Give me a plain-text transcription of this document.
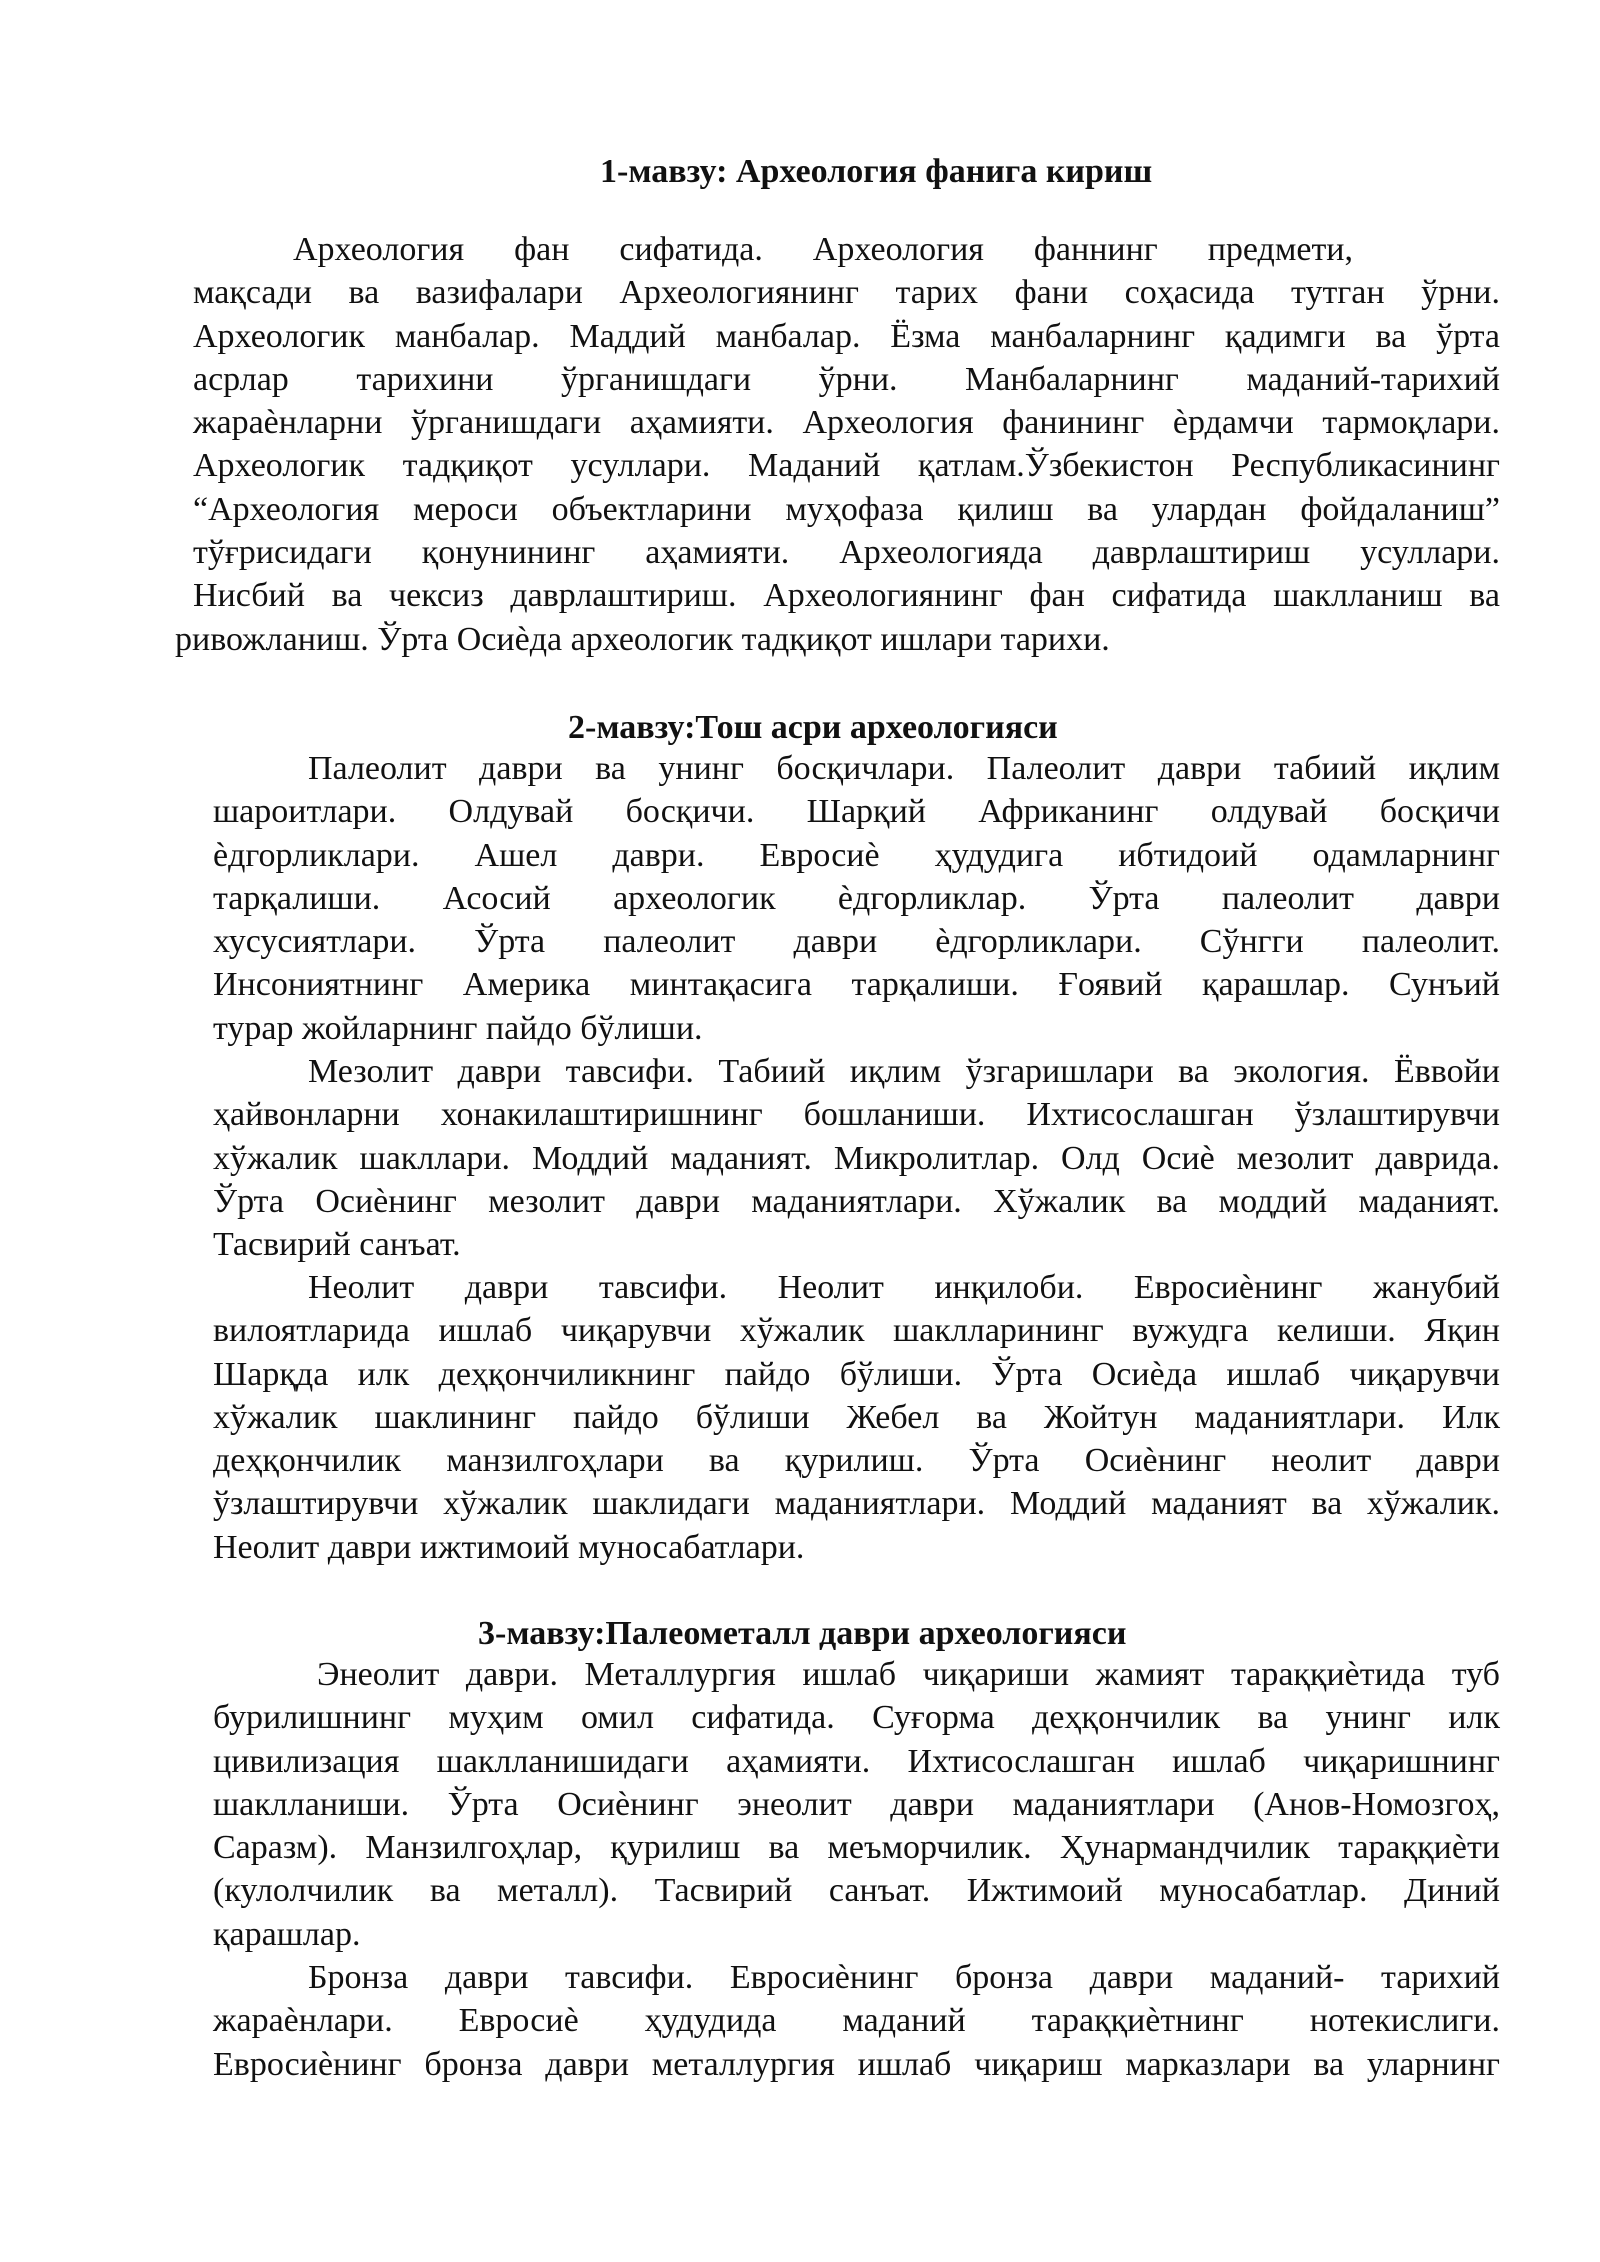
1-мавзу: Археология фанига кириш
Археология фан сифатида. Археология фаннинг предмети,
мақсади ва вазифалари Археологиянинг тарих фани соҳасида тутган ўрни.
Археологик манбалар. Маддий манбалар. Ёзма манбаларнинг қадимги ва ўрта
асрлар тарихини ўрганишдаги ўрни. Манбаларнинг маданий-тарихий
жараѐнларни ўрганишдаги аҳамияти. Археология фанининг ѐрдамчи тармоқлари.
Археологик тадқиқот усуллари. Маданий қатлам.Ўзбекистон Республикасининг
“Археология мероси объектларини муҳофаза қилиш ва улардан фойдаланиш”
тўғрисидаги қонунининг аҳамияти. Археологияда даврлаштириш усуллари.
Нисбий ва чексиз даврлаштириш. Археологиянинг фан сифатида шаклланиш ва
ривожланиш. Ўрта Осиѐда археологик тадқиқот ишлари тарихи.
2-мавзу:Тош асри археологияси
Палеолит даври ва унинг босқичлари. Палеолит даври табиий иқлим
шароитлари. Олдувай босқичи. Шарқий Африканинг олдувай босқичи
ѐдгорликлари. Ашел даври. Евросиѐ ҳудудига ибтидоий одамларнинг
тарқалиши. Асосий археологик ѐдгорликлар. Ўрта палеолит даври
хусусиятлари. Ўрта палеолит даври ѐдгорликлари. Сўнгги палеолит.
Инсониятнинг Америка минтақасига тарқалиши. Ғоявий қарашлар. Сунъий
турар жойларнинг пайдо бўлиши.
Мезолит даври тавсифи. Табиий иқлим ўзгаришлари ва экология. Ёввойи
ҳайвонларни хонакилаштиришнинг бошланиши. Ихтисослашган ўзлаштирувчи
хўжалик шакллари. Моддий маданият. Микролитлар. Олд Осиѐ мезолит даврида.
Ўрта Осиѐнинг мезолит даври маданиятлари. Хўжалик ва моддий маданият.
Тасвирий санъат.
Неолит даври тавсифи. Неолит инқилоби. Евросиѐнинг жанубий
вилоятларида ишлаб чиқарувчи хўжалик шаклларининг вужудга келиши. Яқин
Шарқда илк деҳқончиликнинг пайдо бўлиши. Ўрта Осиѐда ишлаб чиқарувчи
хўжалик шаклининг пайдо бўлиши Жебел ва Жойтун маданиятлари. Илк
деҳқончилик манзилгоҳлари ва қурилиш. Ўрта Осиѐнинг неолит даври
ўзлаштирувчи хўжалик шаклидаги маданиятлари. Моддий маданият ва хўжалик.
Неолит даври ижтимоий муносабатлари.
3-мавзу:Палеометалл даври археологияси
Энеолит даври. Металлургия ишлаб чиқариши жамият тараққиѐтида туб
бурилишнинг муҳим омил сифатида. Суғорма деҳқончилик ва унинг илк
цивилизация шаклланишидаги аҳамияти. Ихтисослашган ишлаб чиқаришнинг
шаклланиши. Ўрта Осиѐнинг энеолит даври маданиятлари (Анов-Номозгоҳ,
Саразм). Манзилгоҳлар, қурилиш ва меъморчилик. Ҳунармандчилик тараққиѐти
(кулолчилик ва металл). Тасвирий санъат. Ижтимоий муносабатлар. Диний
қарашлар.
Бронза даври тавсифи. Евросиѐнинг бронза даври маданий- тарихий
жараѐнлари. Евросиѐ ҳудудида маданий тараққиѐтнинг нотекислиги.
Евросиѐнинг бронза даври металлургия ишлаб чиқариш марказлари ва уларнинг
